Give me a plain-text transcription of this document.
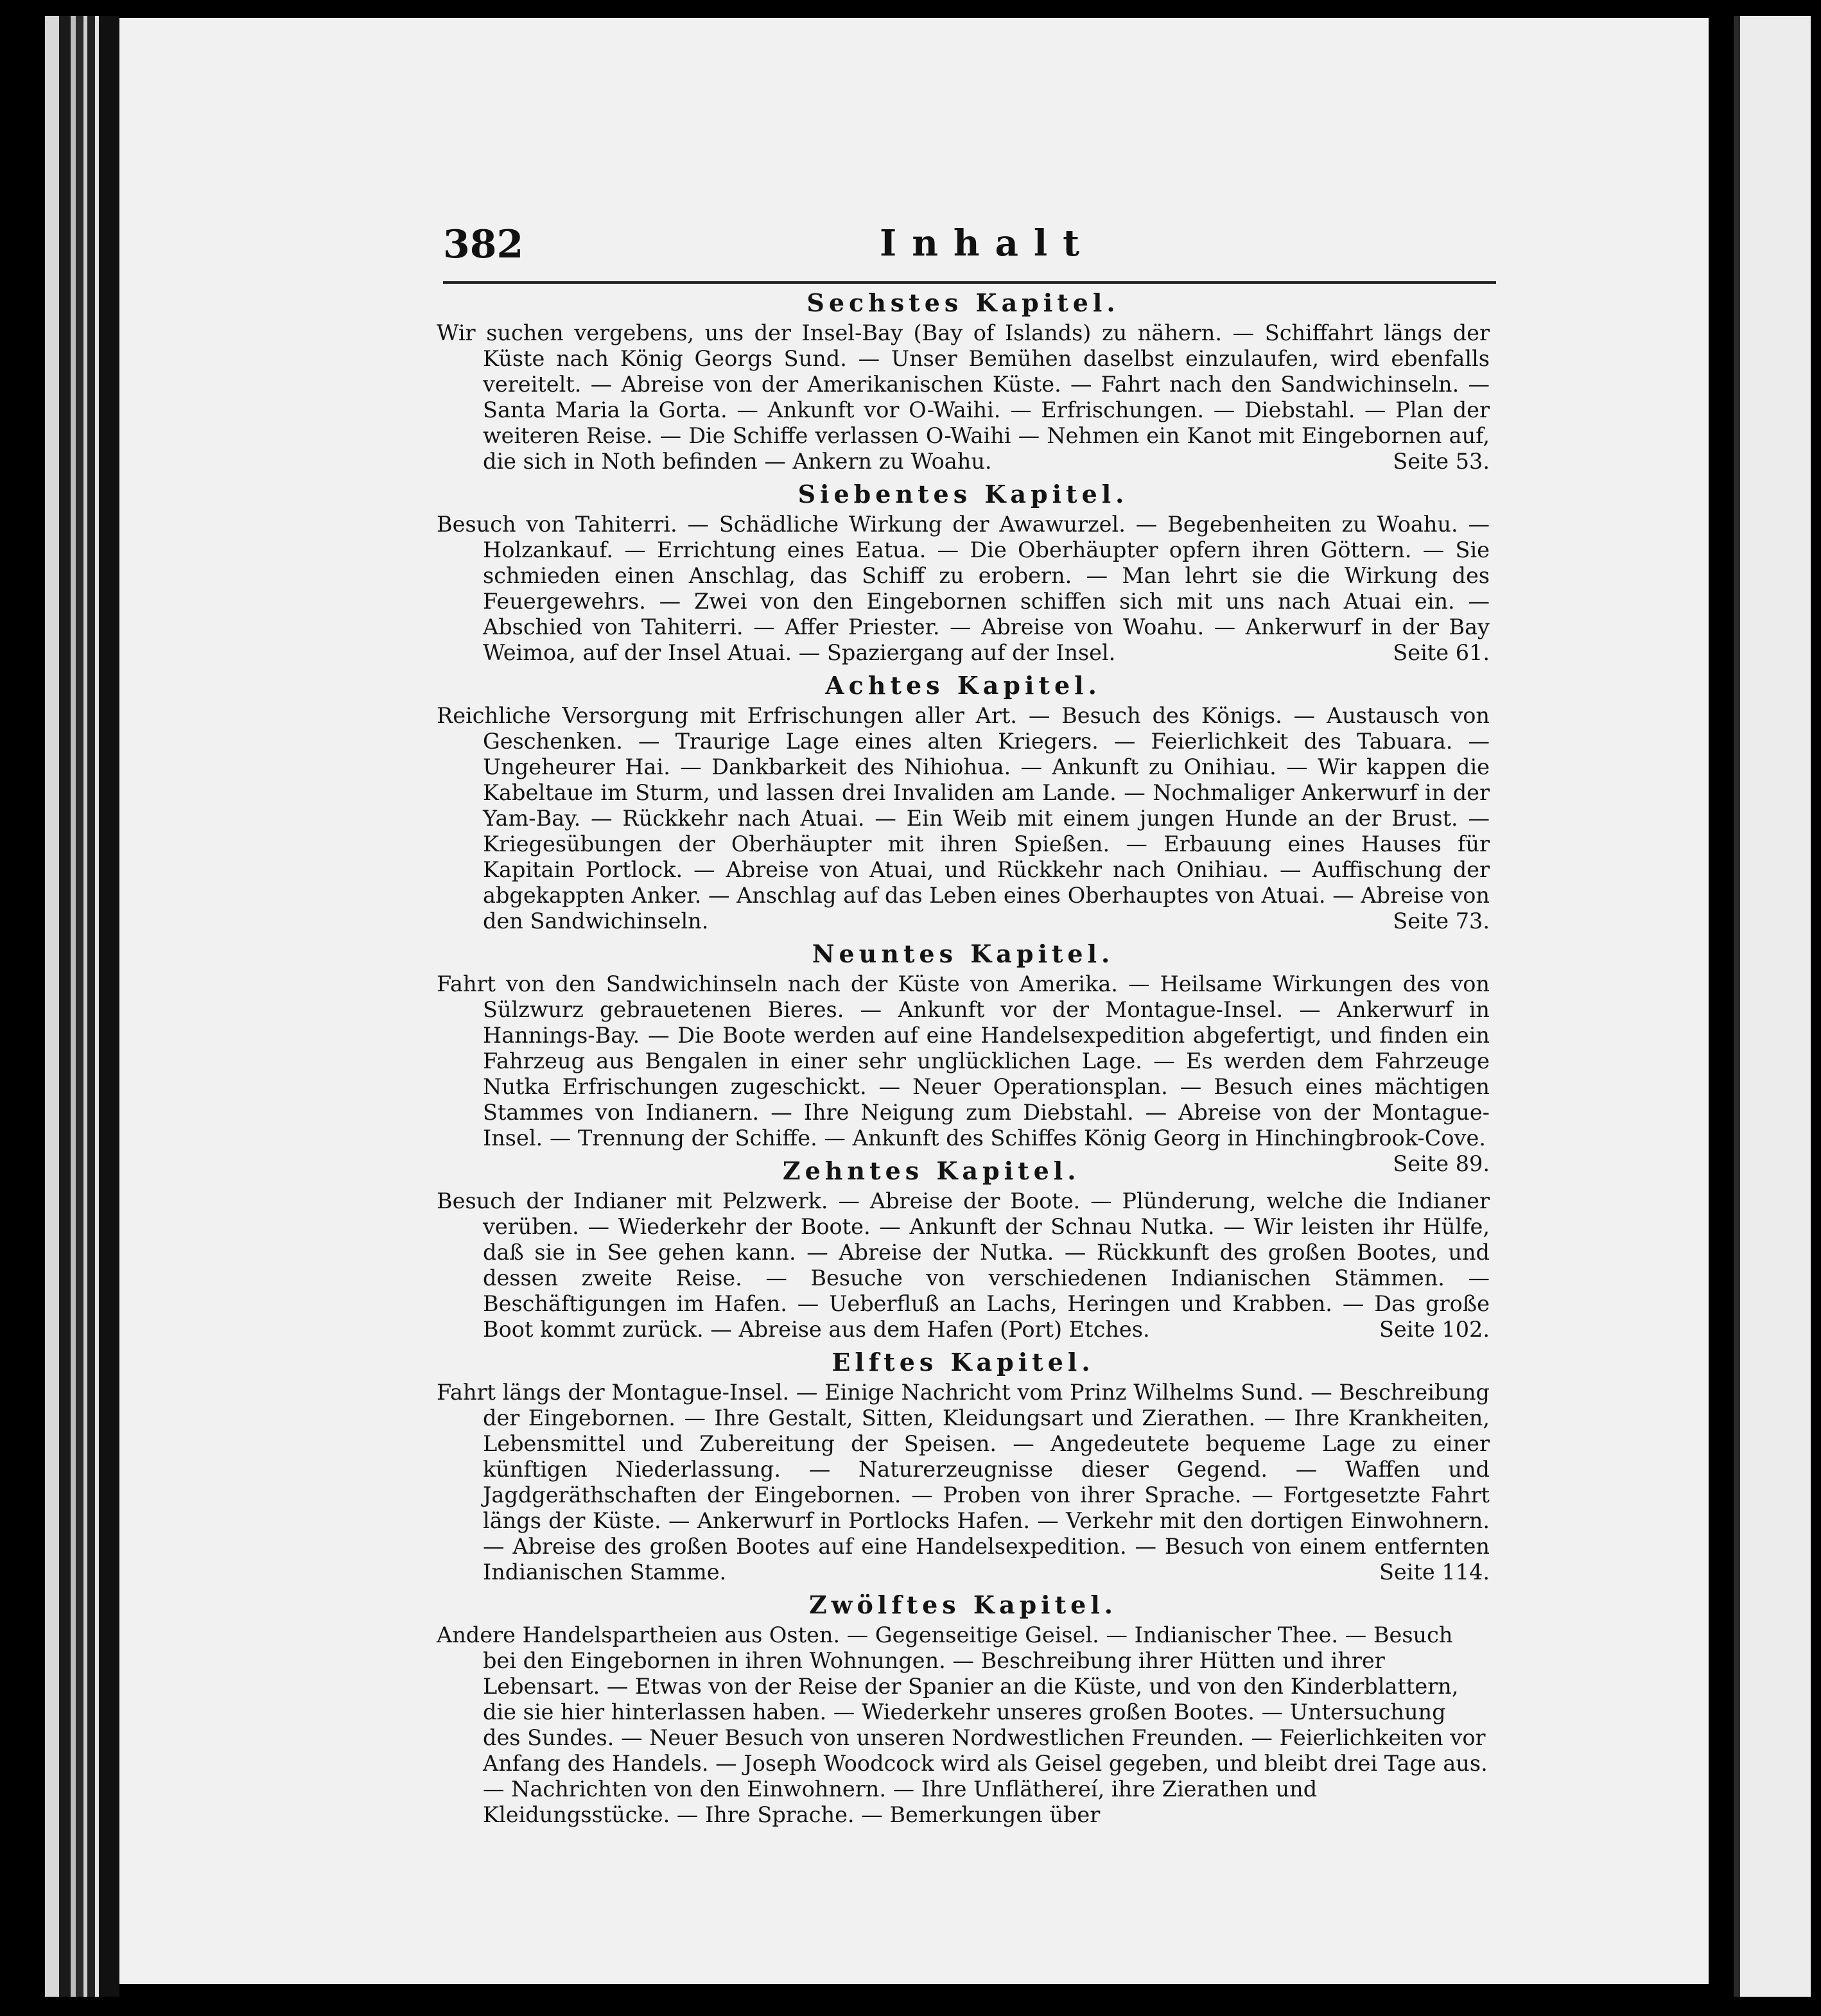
382	Inhalt

Sechstes Kapitel.

Wir suchen vergebens, uns der Insel-Bay (Bay of Islands) zu nähern. — Schiffahrt längs der Küste nach König Georgs Sund. — Unser Bemühen daselbst einzulaufen, wird ebenfalls vereitelt. — Abreise von der Amerikanischen Küste. — Fahrt nach den Sandwichinseln. — Santa Maria la Gorta. — Ankunft vor O-Waihi. — Erfrischungen. — Diebstahl. — Plan der weiteren Reise. — Die Schiffe verlassen O-Waihi — Nehmen ein Kanot mit Eingebornen auf, die sich in Noth befinden — Ankern zu Woahu.	Seite 53.

Siebentes Kapitel.

Besuch von Tahiterri. — Schädliche Wirkung der Awawurzel. — Begebenheiten zu Woahu. — Holzankauf. — Errichtung eines Eatua. — Die Oberhäupter opfern ihren Göttern. — Sie schmieden einen Anschlag, das Schiff zu erobern. — Man lehrt sie die Wirkung des Feuergewehrs. — Zwei von den Eingebornen schiffen sich mit uns nach Atuai ein. — Abschied von Tahiterri. — Affer Priester. — Abreise von Woahu. — Ankerwurf in der Bay Weimoa, auf der Insel Atuai. — Spaziergang auf der Insel.	Seite 61.

Achtes Kapitel.

Reichliche Versorgung mit Erfrischungen aller Art. — Besuch des Königs. — Austausch von Geschenken. — Traurige Lage eines alten Kriegers. — Feierlichkeit des Tabuara. — Ungeheurer Hai. — Dankbarkeit des Nihiohua. — Ankunft zu Onihiau. — Wir kappen die Kabeltaue im Sturm, und lassen drei Invaliden am Lande. — Nochmaliger Ankerwurf in der Yam-Bay. — Rückkehr nach Atuai. — Ein Weib mit einem jungen Hunde an der Brust. — Kriegesübungen der Oberhäupter mit ihren Spießen. — Erbauung eines Hauses für Kapitain Portlock. — Abreise von Atuai, und Rückkehr nach Onihiau. — Auffischung der abgekappten Anker. — Anschlag auf das Leben eines Oberhauptes von Atuai. — Abreise von den Sandwichinseln.	Seite 73.

Neuntes Kapitel.

Fahrt von den Sandwichinseln nach der Küste von Amerika. — Heilsame Wirkungen des von Sülzwurz gebrauetenen Bieres. — Ankunft vor der Montague-Insel. — Ankerwurf in Hannings-Bay. — Die Boote werden auf eine Handelsexpedition abgefertigt, und finden ein Fahrzeug aus Bengalen in einer sehr unglücklichen Lage. — Es werden dem Fahrzeuge Nutka Erfrischungen zugeschickt. — Neuer Operationsplan. — Besuch eines mächtigen Stammes von Indianern. — Ihre Neigung zum Diebstahl. — Abreise von der Montague-Insel. — Trennung der Schiffe. — Ankunft des Schiffes König Georg in Hinchingbrook-Cove.
Seite 89.

Zehntes Kapitel.

Besuch der Indianer mit Pelzwerk. — Abreise der Boote. — Plünderung, welche die Indianer verüben. — Wiederkehr der Boote. — Ankunft der Schnau Nutka. — Wir leisten ihr Hülfe, daß sie in See gehen kann. — Abreise der Nutka. — Rückkunft des großen Bootes, und dessen zweite Reise. — Besuche von verschiedenen Indianischen Stämmen. — Beschäftigungen im Hafen. — Ueberfluß an Lachs, Heringen und Krabben. — Das große Boot kommt zurück. — Abreise aus dem Hafen (Port) Etches.	Seite 102.

Elftes Kapitel.

Fahrt längs der Montague-Insel. — Einige Nachricht vom Prinz Wilhelms Sund. — Beschreibung der Eingebornen. — Ihre Gestalt, Sitten, Kleidungsart und Zierathen. — Ihre Krankheiten, Lebensmittel und Zubereitung der Speisen. — Angedeutete bequeme Lage zu einer künftigen Niederlassung. — Naturerzeugnisse dieser Gegend. — Waffen und Jagdgeräthschaften der Eingebornen. — Proben von ihrer Sprache. — Fortgesetzte Fahrt längs der Küste. — Ankerwurf in Portlocks Hafen. — Verkehr mit den dortigen Einwohnern. — Abreise des großen Bootes auf eine Handelsexpedition. — Besuch von einem entfernten Indianischen Stamme.	Seite 114.

Zwölftes Kapitel.

Andere Handelspartheien aus Osten. — Gegenseitige Geisel. — Indianischer Thee. — Besuch bei den Eingebornen in ihren Wohnungen. — Beschreibung ihrer Hütten und ihrer Lebensart. — Etwas von der Reise der Spanier an die Küste, und von den Kinderblattern, die sie hier hinterlassen haben. — Wiederkehr unseres großen Bootes. — Untersuchung des Sundes. — Neuer Besuch von unseren Nordwestlichen Freunden. — Feierlichkeiten vor Anfang des Handels. — Joseph Woodcock wird als Geisel gegeben, und bleibt drei Tage aus. — Nachrichten von den Einwohnern. — Ihre Unfläthereí, ihre Zierathen und Kleidungsstücke. — Ihre Sprache. — Bemerkungen über
